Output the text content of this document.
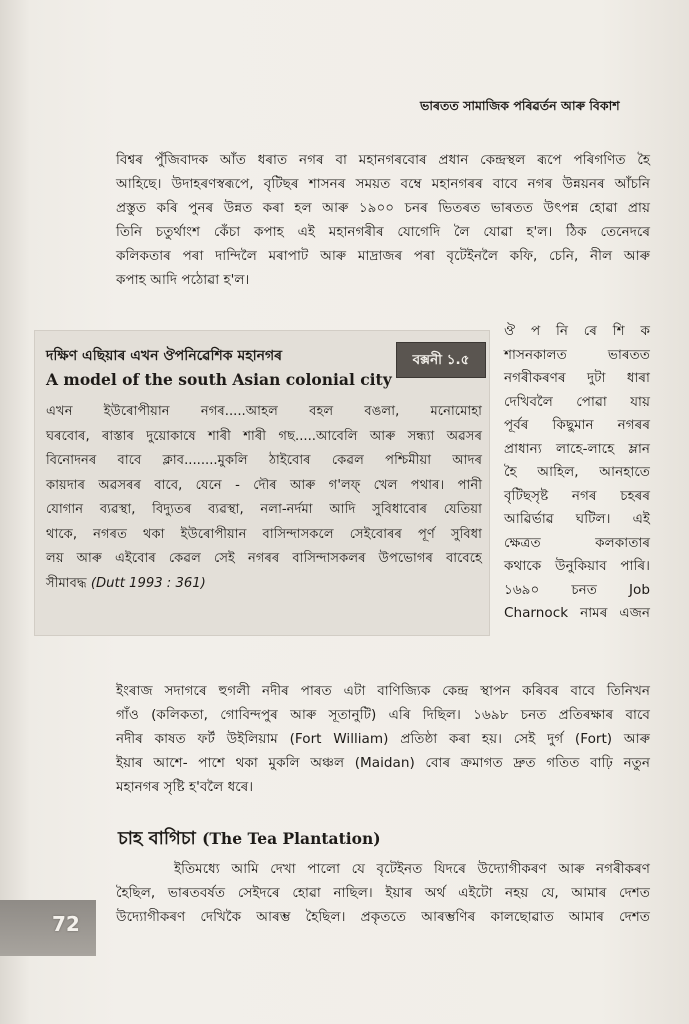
ভাৰতত সামাজিক পৰিৱৰ্তন আৰু বিকাশ
বিশ্বৰ পুঁজিবাদক আঁত ধৰাত নগৰ বা মহানগৰবোৰ প্ৰধান কেন্দ্ৰস্থল ৰূপে পৰিগণিত হৈ
আহিছে। উদাহৰণস্বৰূপে, বৃটিছৰ শাসনৰ সময়ত বম্বে মহানগৰৰ বাবে নগৰ উন্নয়নৰ আঁচনি
প্ৰস্তুত কৰি পুনৰ উন্নত কৰা হল আৰু ১৯০০ চনৰ ভিতৰত ভাৰতত উৎপন্ন হোৱা প্ৰায়
তিনি চতুৰ্থাংশ কেঁচা কপাহ এই মহানগৰীৰ যোগেদি লৈ যোৱা হ'ল। ঠিক তেনেদৰে
কলিকতাৰ পৰা দান্দিলৈ মৰাপাট আৰু মাদ্ৰাজৰ পৰা বৃটেইনলৈ কফি, চেনি, নীল আৰু
কপাহ আদি পঠোৱা হ'ল।
ঔ প নি ৰে শি ক
শাসনকালত ভাৰতত
নগৰীকৰণৰ দুটা ধাৰা
দেখিবলৈ পোৱা যায়
পূৰ্বৰ কিছুমান নগৰৰ
প্ৰাধান্য লাহে-লাহে ম্লান
হৈ আহিল, আনহাতে
বৃটিছসৃষ্ট নগৰ চহৰৰ
আৱিৰ্ভাৱ ঘটিল। এই
ক্ষেত্ৰত কলকাতাৰ
কথাকে উনুকিয়াব পাৰি।
১৬৯০ চনত Job
Charnock নামৰ এজন
দক্ষিণ এছিয়াৰ এখন ঔপনিৱেশিক মহানগৰ
A model of the south Asian colonial city
বক্সনী ১.৫
এখন ইউৰোপীয়ান নগৰ.....আহল বহল বঙলা, মনোমোহা
ঘৰবোৰ, ৰাস্তাৰ দুয়োকাষে শাৰী শাৰী গছ.....আবেলি আৰু সন্ধ্যা অৱসৰ
বিনোদনৰ বাবে ক্লাব........মুকলি ঠাইবোৰ কেৱল পশ্চিমীয়া আদৰ
কায়দাৰ অৱসৰৰ বাবে, যেনে - দৌৰ আৰু গ'লফ্ খেল পথাৰ। পানী
যোগান ব্যৱস্থা, বিদ্যুতৰ ব্যৱস্থা, নলা-নৰ্দমা আদি সুবিধাবোৰ যেতিয়া
থাকে, নগৰত থকা ইউৰোপীয়ান বাসিন্দাসকলে সেইবোৰৰ পূৰ্ণ সুবিধা
লয় আৰু এইবোৰ কেৱল সেই নগৰৰ বাসিন্দাসকলৰ উপভোগৰ বাবেহে
সীমাবদ্ধ (Dutt 1993 : 361)
ইংৰাজ সদাগৰে হুগলী নদীৰ পাৰত এটা বাণিজ্যিক কেন্দ্ৰ স্থাপন কৰিবৰ বাবে তিনিখন
গাঁও (কলিকতা, গোবিন্দপুৰ আৰু সূতানুটি) এৰি দিছিল। ১৬৯৮ চনত প্ৰতিৰক্ষাৰ বাবে
নদীৰ কাষত ফৰ্ট উইলিয়াম (Fort William) প্ৰতিষ্ঠা কৰা হয়। সেই দুৰ্গ (Fort) আৰু
ইয়াৰ আশে- পাশে থকা মুকলি অঞ্চল (Maidan) বোৰ ক্ৰমাগত দ্ৰুত গতিত বাঢ়ি নতুন
মহানগৰ সৃষ্টি হ'বলৈ ধৰে।
চাহ বাগিচা (The Tea Plantation)
ইতিমধ্যে আমি দেখা পালো যে বৃটেইনত যিদৰে উদ্যোগীকৰণ আৰু নগৰীকৰণ
হৈছিল, ভাৰতবৰ্ষত সেইদৰে হোৱা নাছিল। ইয়াৰ অৰ্থ এইটো নহয় যে, আমাৰ দেশত
উদ্যোগীকৰণ দেখিকৈ আৰম্ভ হৈছিল। প্ৰকৃততে আৰম্ভণিৰ কালছোৱাত আমাৰ দেশত
72
